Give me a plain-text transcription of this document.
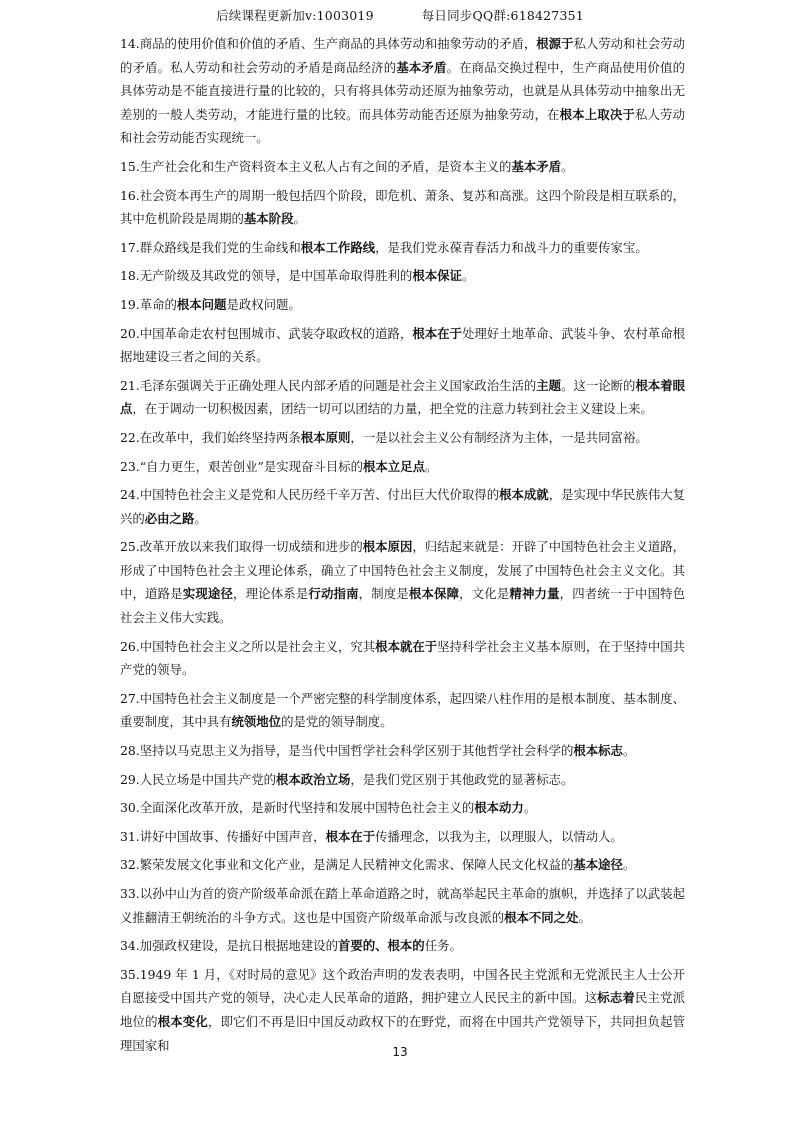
后续课程更新加v:1003019	每日同步QQ群:618427351

14.商品的使用价值和价值的矛盾、生产商品的具体劳动和抽象劳动的矛盾，根源于私人劳动和社会劳动的矛盾。私人劳动和社会劳动的矛盾是商品经济的基本矛盾。在商品交换过程中，生产商品使用价值的具体劳动是不能直接进行量的比较的，只有将具体劳动还原为抽象劳动，也就是从具体劳动中抽象出无差别的一般人类劳动，才能进行量的比较。而具体劳动能否还原为抽象劳动，在根本上取决于私人劳动和社会劳动能否实现统一。

15.生产社会化和生产资料资本主义私人占有之间的矛盾，是资本主义的基本矛盾。

16.社会资本再生产的周期一般包括四个阶段，即危机、萧条、复苏和高涨。这四个阶段是相互联系的，其中危机阶段是周期的基本阶段。

17.群众路线是我们党的生命线和根本工作路线，是我们党永葆青春活力和战斗力的重要传家宝。

18.无产阶级及其政党的领导，是中国革命取得胜利的根本保证。

19.革命的根本问题是政权问题。

20.中国革命走农村包围城市、武装夺取政权的道路，根本在于处理好土地革命、武装斗争、农村革命根据地建设三者之间的关系。

21.毛泽东强调关于正确处理人民内部矛盾的问题是社会主义国家政治生活的主题。这一论断的根本着眼点，在于调动一切积极因素，团结一切可以团结的力量，把全党的注意力转到社会主义建设上来。

22.在改革中，我们始终坚持两条根本原则，一是以社会主义公有制经济为主体，一是共同富裕。

23.“自力更生，艰苦创业”是实现奋斗目标的根本立足点。

24.中国特色社会主义是党和人民历经千辛万苦、付出巨大代价取得的根本成就，是实现中华民族伟大复兴的必由之路。

25.改革开放以来我们取得一切成绩和进步的根本原因，归结起来就是：开辟了中国特色社会主义道路，形成了中国特色社会主义理论体系，确立了中国特色社会主义制度，发展了中国特色社会主义文化。其中，道路是实现途径，理论体系是行动指南，制度是根本保障，文化是精神力量，四者统一于中国特色社会主义伟大实践。

26.中国特色社会主义之所以是社会主义，究其根本就在于坚持科学社会主义基本原则，在于坚持中国共产党的领导。

27.中国特色社会主义制度是一个严密完整的科学制度体系，起四梁八柱作用的是根本制度、基本制度、重要制度，其中具有统领地位的是党的领导制度。

28.坚持以马克思主义为指导，是当代中国哲学社会科学区别于其他哲学社会科学的根本标志。

29.人民立场是中国共产党的根本政治立场，是我们党区别于其他政党的显著标志。

30.全面深化改革开放，是新时代坚持和发展中国特色社会主义的根本动力。

31.讲好中国故事、传播好中国声音，根本在于传播理念，以我为主，以理服人，以情动人。

32.繁荣发展文化事业和文化产业，是满足人民精神文化需求、保障人民文化权益的基本途径。

33.以孙中山为首的资产阶级革命派在踏上革命道路之时，就高举起民主革命的旗帜，并选择了以武装起义推翻清王朝统治的斗争方式。这也是中国资产阶级革命派与改良派的根本不同之处。

34.加强政权建设，是抗日根据地建设的首要的、根本的任务。

35.1949 年 1 月，《对时局的意见》这个政治声明的发表表明，中国各民主党派和无党派民主人士公开自愿接受中国共产党的领导，决心走人民革命的道路，拥护建立人民民主的新中国。这标志着民主党派地位的根本变化，即它们不再是旧中国反动政权下的在野党，而将在中国共产党领导下，共同担负起管理国家和	13
